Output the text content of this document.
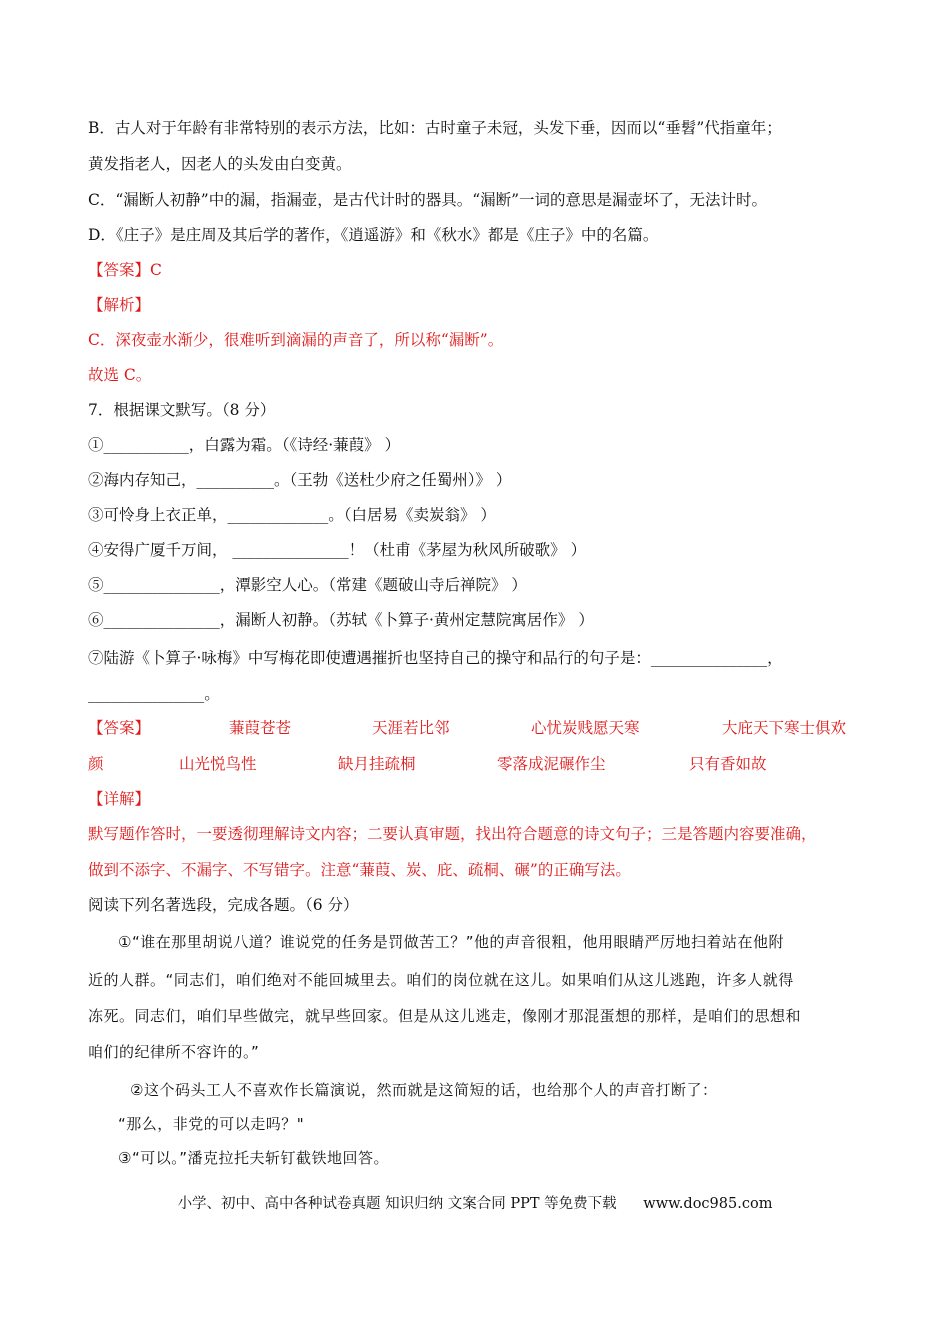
B．古人对于年龄有非常特别的表示方法，比如：古时童子未冠，头发下垂，因而以“垂髫”代指童年；
黄发指老人，因老人的头发由白变黄。
C．“漏断人初静”中的漏，指漏壶，是古代计时的器具。“漏断”一词的意思是漏壶坏了，无法计时。
D．《庄子》是庄周及其后学的著作，《逍遥游》和《秋水》都是《庄子》中的名篇。
【答案】C
【解析】
C．深夜壶水渐少，很难听到滴漏的声音了，所以称“漏断”。
故选 C。
7．根据课文默写。（8 分）
①___________，白露为霜。（《诗经·蒹葭》 ）
②海内存知己，__________。（王勃《送杜少府之任蜀州）》 ）
③可怜身上衣正单，_____________。（白居易《卖炭翁》 ）
④安得广厦千万间， _______________！（杜甫《茅屋为秋风所破歌》 ）
⑤_______________，潭影空人心。（常建《题破山寺后禅院》 ）
⑥_______________，漏断人初静。（苏轼《卜算子·黄州定慧院寓居作》 ）
⑦陆游《卜算子·咏梅》中写梅花即使遭遇摧折也坚持自己的操守和品行的句子是：_______________，
_______________。
【答案】	蒹葭苍苍	天涯若比邻	心忧炭贱愿天寒	大庇天下寒士俱欢
颜	山光悦鸟性	缺月挂疏桐	零落成泥碾作尘	只有香如故
【详解】
默写题作答时，一要透彻理解诗文内容；二要认真审题，找出符合题意的诗文句子；三是答题内容要准确，
做到不添字、不漏字、不写错字。注意“蒹葭、炭、庇、疏桐、碾”的正确写法。
阅读下列名著选段，完成各题。（6 分）
①“谁在那里胡说八道？谁说党的任务是罚做苦工？”他的声音很粗，他用眼睛严厉地扫着站在他附
近的人群。“同志们，咱们绝对不能回城里去。咱们的岗位就在这儿。如果咱们从这儿逃跑，许多人就得
冻死。同志们，咱们早些做完，就早些回家。但是从这儿逃走，像刚才那混蛋想的那样，是咱们的思想和
咱们的纪律所不容许的。”
②这个码头工人不喜欢作长篇演说，然而就是这简短的话，也给那个人的声音打断了：
“那么，非党的可以走吗？"
③“可以。”潘克拉托夫斩钉截铁地回答。
小学、初中、高中各种试卷真题 知识归纳 文案合同 PPT 等免费下载 www.doc985.com
